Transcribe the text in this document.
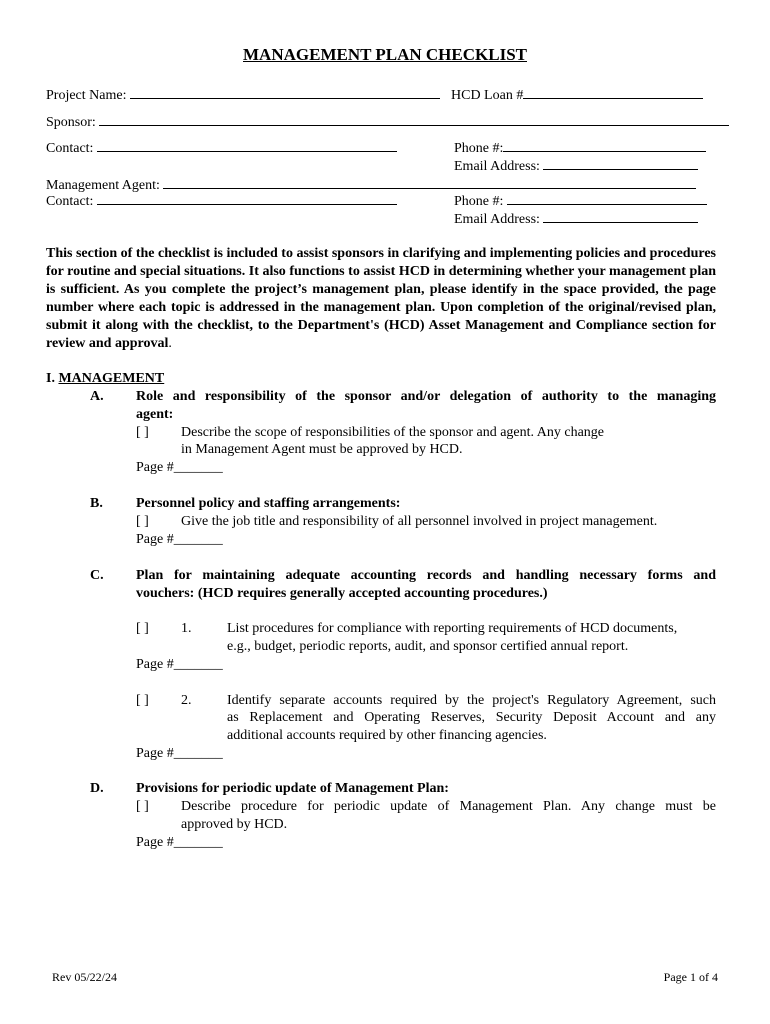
MANAGEMENT PLAN CHECKLIST
Project Name:	HCD Loan #
Sponsor:
Contact:	Phone #:
Email Address:
Management Agent:
Contact:	Phone #:
Email Address:
This section of the checklist is included to assist sponsors in clarifying and implementing policies and procedures for routine and special situations. It also functions to assist HCD in determining whether your management plan is sufficient. As you complete the project’s management plan, please identify in the space provided, the page number where each topic is addressed in the management plan. Upon completion of the original/revised plan, submit it along with the checklist, to the Department's (HCD) Asset Management and Compliance section for review and approval.
I. MANAGEMENT
A. Role and responsibility of the sponsor and/or delegation of authority to the managing
agent:
[ ] Describe the scope of responsibilities of the sponsor and agent. Any change
in Management Agent must be approved by HCD.
Page #_______
B. Personnel policy and staffing arrangements:
[ ] Give the job title and responsibility of all personnel involved in project management.
Page #_______
C. Plan for maintaining adequate accounting records and handling necessary forms and
vouchers: (HCD requires generally accepted accounting procedures.)
[ ] 1.	List procedures for compliance with reporting requirements of HCD documents,
e.g., budget, periodic reports, audit, and sponsor certified annual report.
Page #_______
[ ] 2.	Identify separate accounts required by the project's Regulatory Agreement, such
as Replacement and Operating Reserves, Security Deposit Account and any
additional accounts required by other financing agencies.
Page #_______
D. Provisions for periodic update of Management Plan:
[ ] Describe procedure for periodic update of Management Plan. Any change must be
approved by HCD.
Page #_______
Rev 05/22/24	Page 1 of 4
